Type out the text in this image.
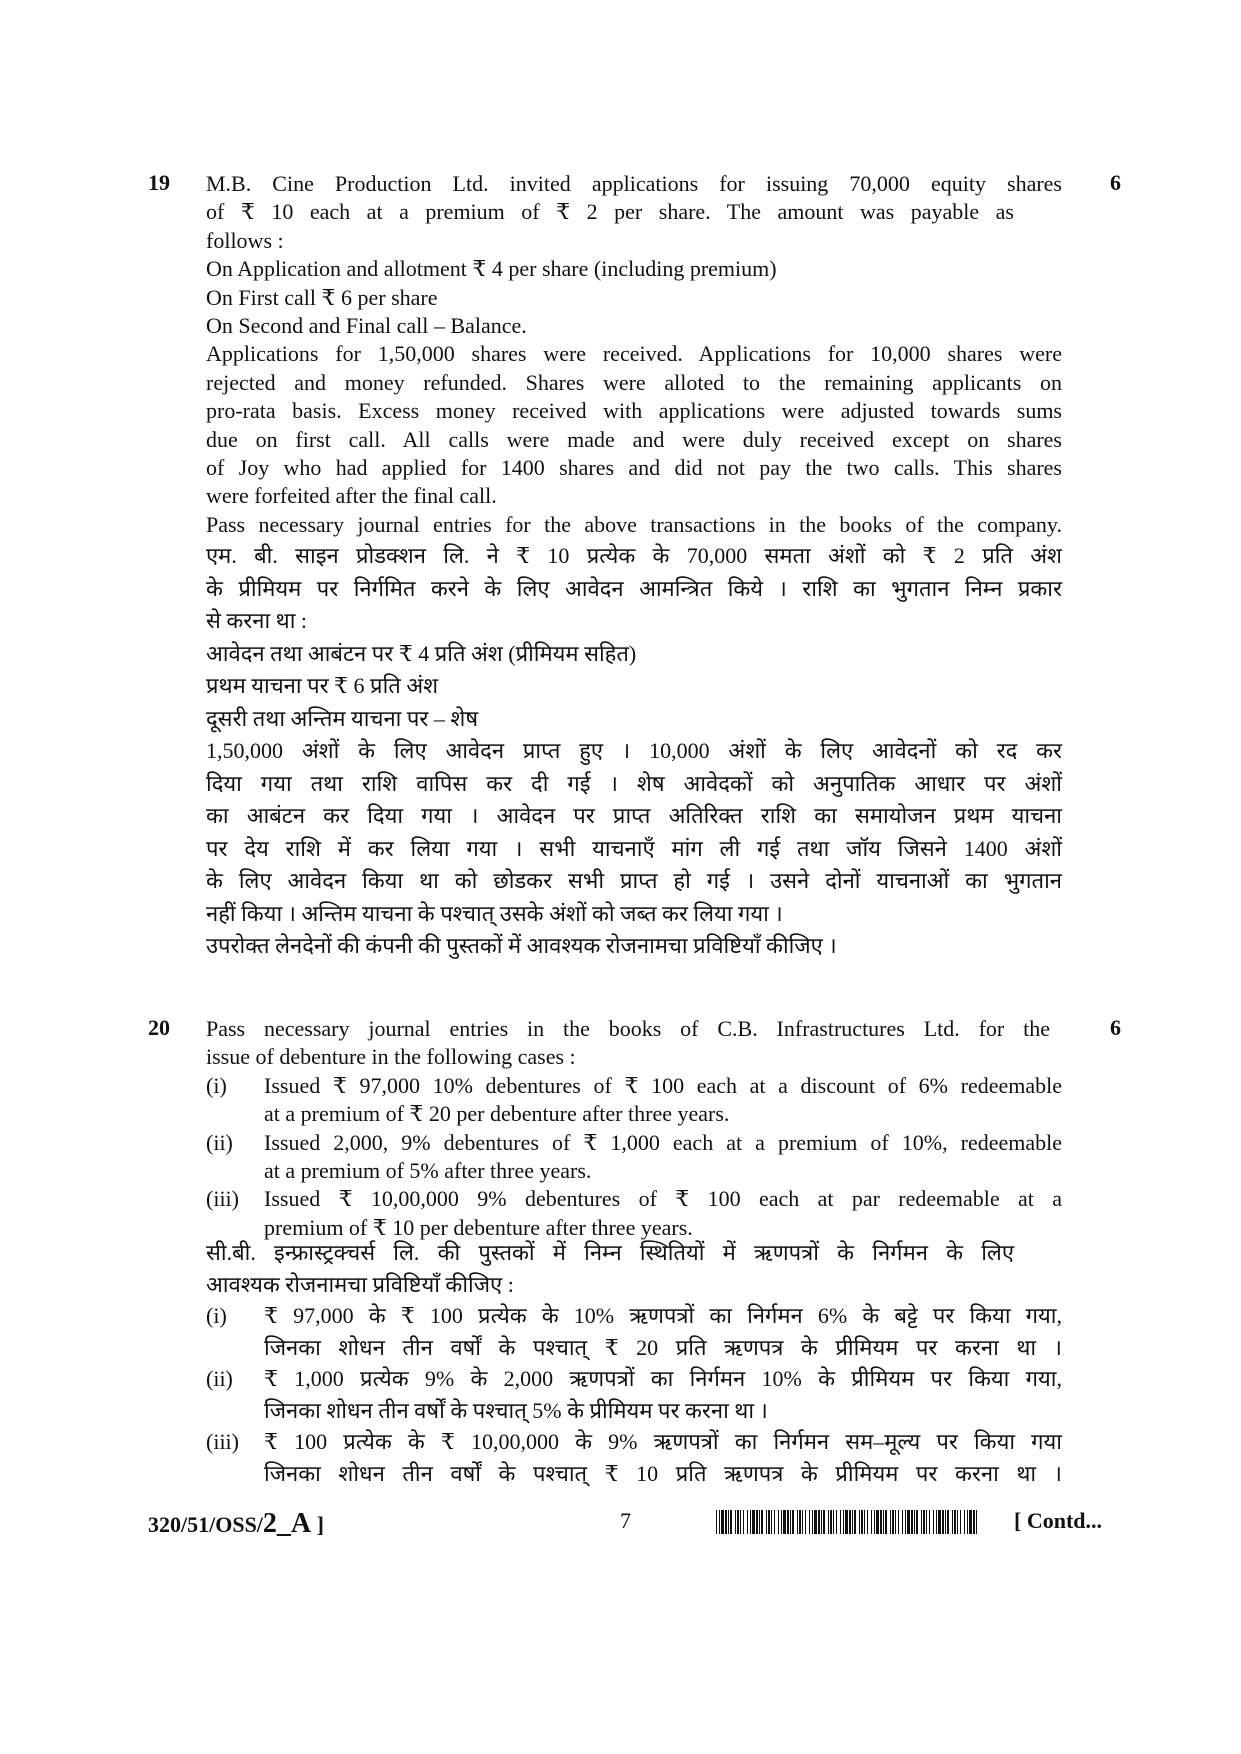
19	6
M.B. Cine Production Ltd. invited applications for issuing 70,000 equity shares
of ₹ 10 each at a premium of ₹ 2 per share. The amount was payable as
follows :
On Application and allotment ₹ 4 per share (including premium)
On First call ₹ 6 per share
On Second and Final call – Balance.
Applications for 1,50,000 shares were received. Applications for 10,000 shares were
rejected and money refunded. Shares were alloted to the remaining applicants on
pro-rata basis. Excess money received with applications were adjusted towards sums
due on first call. All calls were made and were duly received except on shares
of Joy who had applied for 1400 shares and did not pay the two calls. This shares
were forfeited after the final call.
Pass necessary journal entries for the above transactions in the books of the company.
एम. बी. साइन प्रोडक्शन लि. ने ₹ 10 प्रत्येक के 70,000 समता अंशों को ₹ 2 प्रति अंश
के प्रीमियम पर निर्गमित करने के लिए आवेदन आमन्त्रित किये । राशि का भुगतान निम्न प्रकार
से करना था :
आवेदन तथा आबंटन पर ₹ 4 प्रति अंश (प्रीमियम सहित)
प्रथम याचना पर ₹ 6 प्रति अंश
दूसरी तथा अन्तिम याचना पर – शेष
1,50,000 अंशों के लिए आवेदन प्राप्त हुए । 10,000 अंशों के लिए आवेदनों को रद कर
दिया गया तथा राशि वापिस कर दी गई । शेष आवेदकों को अनुपातिक आधार पर अंशों
का आबंटन कर दिया गया । आवेदन पर प्राप्त अतिरिक्त राशि का समायोजन प्रथम याचना
पर देय राशि में कर लिया गया । सभी याचनाएँ मांग ली गई तथा जॉय जिसने 1400 अंशों
के लिए आवेदन किया था को छोडकर सभी प्राप्त हो गई । उसने दोनों याचनाओं का भुगतान
नहीं किया । अन्तिम याचना के पश्चात् उसके अंशों को जब्त कर लिया गया ।
उपरोक्त लेनदेनों की कंपनी की पुस्तकों में आवश्यक रोजनामचा प्रविष्टियाँ कीजिए ।
20	6
Pass necessary journal entries in the books of C.B. Infrastructures Ltd. for the
issue of debenture in the following cases :
(i)	Issued ₹ 97,000 10% debentures of ₹ 100 each at a discount of 6% redeemable
at a premium of ₹ 20 per debenture after three years.
(ii)	Issued 2,000, 9% debentures of ₹ 1,000 each at a premium of 10%, redeemable
at a premium of 5% after three years.
(iii)	Issued ₹ 10,00,000 9% debentures of ₹ 100 each at par redeemable at a
premium of ₹ 10 per debenture after three years.
सी.बी. इन्फ्रास्ट्रक्चर्स लि. की पुस्तकों में निम्न स्थितियों में ऋणपत्रों के निर्गमन के लिए
आवश्यक रोजनामचा प्रविष्टियाँ कीजिए :
(i)	₹ 97,000 के ₹ 100 प्रत्येक के 10% ऋणपत्रों का निर्गमन 6% के बट्टे पर किया गया,
जिनका शोधन तीन वर्षों के पश्चात् ₹ 20 प्रति ऋणपत्र के प्रीमियम पर करना था ।
(ii)	₹ 1,000 प्रत्येक 9% के 2,000 ऋणपत्रों का निर्गमन 10% के प्रीमियम पर किया गया,
जिनका शोधन तीन वर्षों के पश्चात् 5% के प्रीमियम पर करना था ।
(iii)	₹ 100 प्रत्येक के ₹ 10,00,000 के 9% ऋणपत्रों का निर्गमन सम–मूल्य पर किया गया
जिनका शोधन तीन वर्षों के पश्चात् ₹ 10 प्रति ऋणपत्र के प्रीमियम पर करना था ।
320/51/OSS/2_A ]	7	[ Contd...
